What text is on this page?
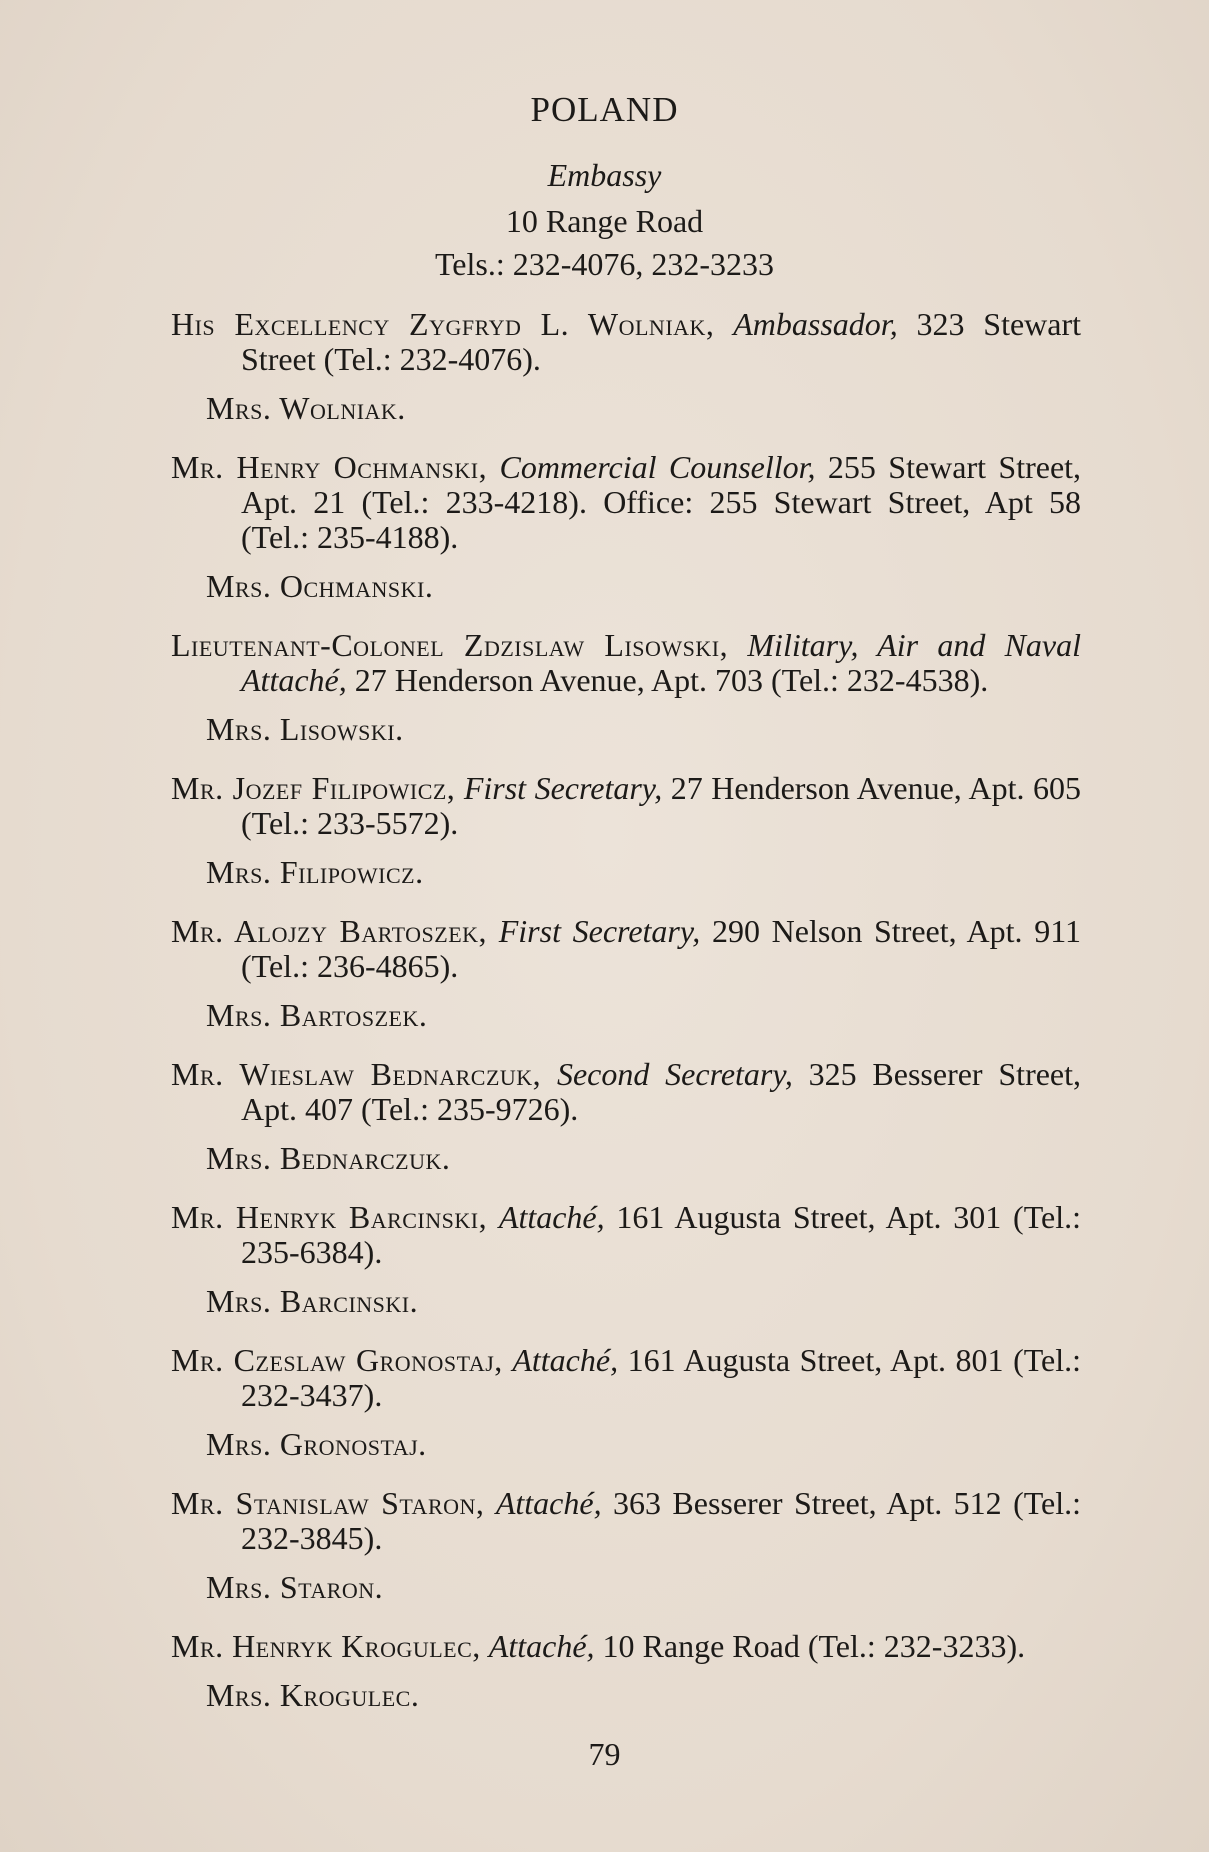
POLAND
Embassy
10 Range Road
Tels.: 232-4076, 232-3233

His Excellency Zygfryd L. Wolniak, Ambassador, 323 Stewart Street (Tel.: 232-4076).

Mrs. Wolniak.

Mr. Henry Ochmanski, Commercial Counsellor, 255 Stewart Street, Apt. 21 (Tel.: 233-4218). Office: 255 Stewart Street, Apt 58 (Tel.: 235-4188).

Mrs. Ochmanski.

Lieutenant-Colonel Zdzislaw Lisowski, Military, Air and Naval Attaché, 27 Henderson Avenue, Apt. 703 (Tel.: 232-4538).

Mrs. Lisowski.

Mr. Jozef Filipowicz, First Secretary, 27 Henderson Avenue, Apt. 605 (Tel.: 233-5572).

Mrs. Filipowicz.

Mr. Alojzy Bartoszek, First Secretary, 290 Nelson Street, Apt. 911 (Tel.: 236-4865).

Mrs. Bartoszek.

Mr. Wieslaw Bednarczuk, Second Secretary, 325 Besserer Street, Apt. 407 (Tel.: 235-9726).

Mrs. Bednarczuk.

Mr. Henryk Barcinski, Attaché, 161 Augusta Street, Apt. 301 (Tel.: 235-6384).

Mrs. Barcinski.

Mr. Czeslaw Gronostaj, Attaché, 161 Augusta Street, Apt. 801 (Tel.: 232-3437).

Mrs. Gronostaj.

Mr. Stanislaw Staron, Attaché, 363 Besserer Street, Apt. 512 (Tel.: 232-3845).

Mrs. Staron.

Mr. Henryk Krogulec, Attaché, 10 Range Road (Tel.: 232-3233).

Mrs. Krogulec.
79
